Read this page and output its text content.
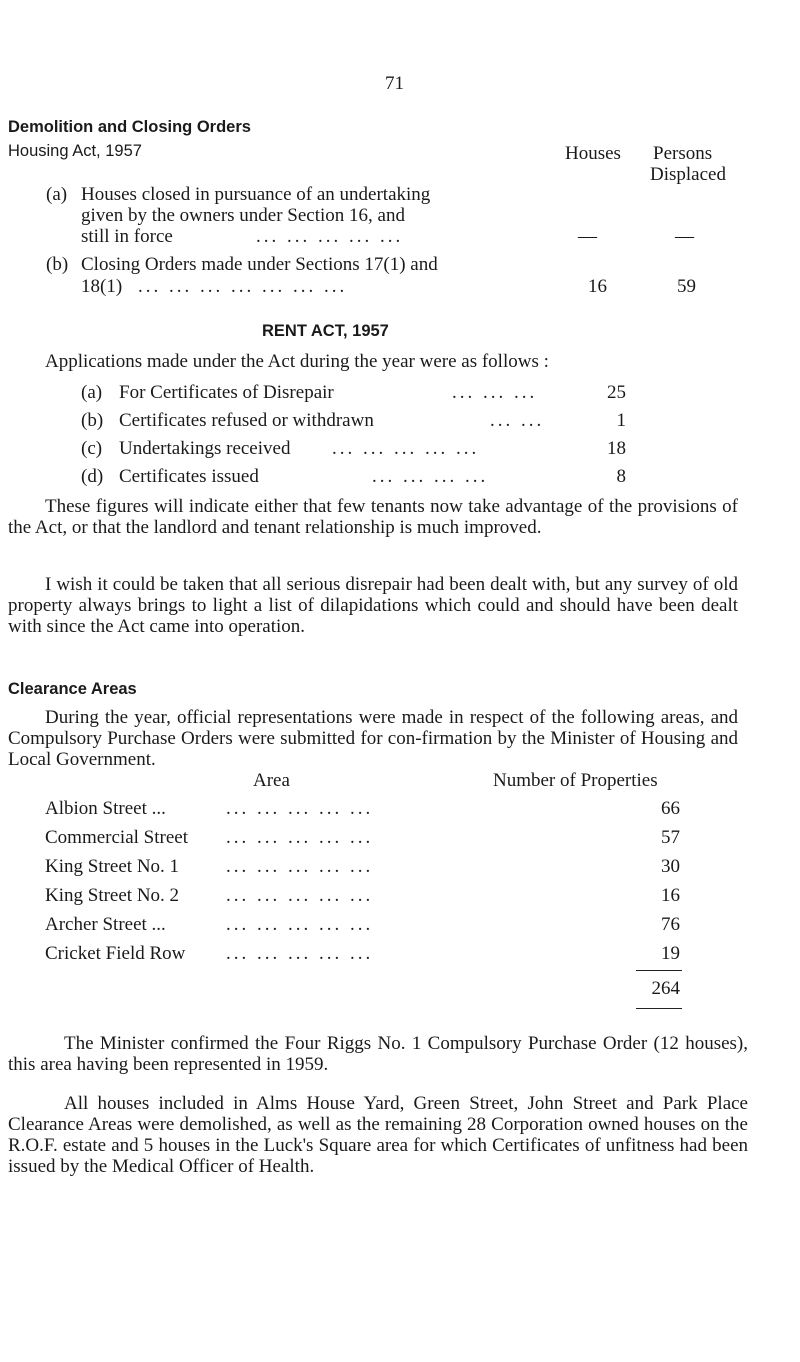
71
Demolition and Closing Orders
Housing Act, 1957	Houses Persons
Displaced
(a) Houses closed in pursuance of an undertaking
given by the owners under Section 16, and
still in force	... ... ... ... ...	—	—
(b) Closing Orders made under Sections 17(1) and
18(1) ... ... ... ... ... ... ...	16	59
RENT ACT, 1957
Applications made under the Act during the year were as follows :
(a) For Certificates of Disrepair	... ... ...	25
(b) Certificates refused or withdrawn	... ...	1
(c) Undertakings received ... ... ... ... ...	18
(d) Certificates issued	... ... ... ...	8
These figures will indicate either that few tenants now take advantage of the provisions of the Act, or that the landlord and tenant relationship is much improved.
I wish it could be taken that all serious disrepair had been dealt with, but any survey of old property always brings to light a list of dilapidations which could and should have been dealt with since the Act came into operation.
Clearance Areas
During the year, official representations were made in respect of the following areas, and Compulsory Purchase Orders were submitted for con-firmation by the Minister of Housing and Local Government.
Area	Number of Properties
Albion Street ...	... ... ... ... ...	66
Commercial Street ... ... ... ... ...	57
King Street No. 1 ... ... ... ... ...	30
King Street No. 2 ... ... ... ... ...	16
Archer Street ...	... ... ... ... ...	76
Cricket Field Row ... ... ... ... ...	19
264
The Minister confirmed the Four Riggs No. 1 Compulsory Purchase Order (12 houses), this area having been represented in 1959.
All houses included in Alms House Yard, Green Street, John Street and Park Place Clearance Areas were demolished, as well as the remaining 28 Corporation owned houses on the R.O.F. estate and 5 houses in the Luck's Square area for which Certificates of unfitness had been issued by the Medical Officer of Health.
